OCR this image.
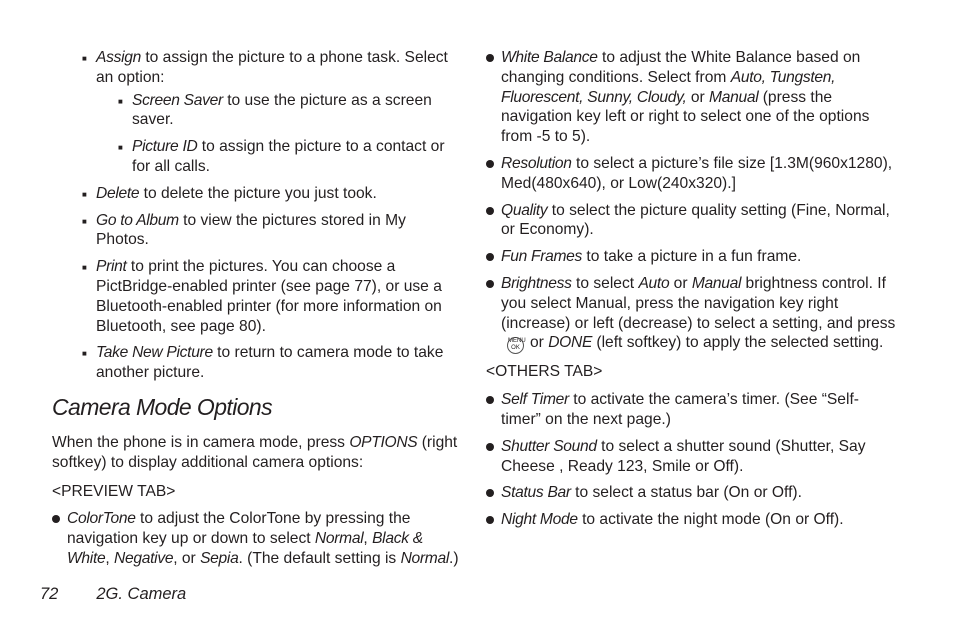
■ Assign to assign the picture to a phone task. Select an option:
■ Screen Saver to use the picture as a screen saver.
■ Picture ID to assign the picture to a contact or for all calls.
■ Delete to delete the picture you just took.
■ Go to Album to view the pictures stored in My Photos.
■ Print to print the pictures. You can choose a PictBridge-enabled printer (see page 77), or use a Bluetooth-enabled printer (for more information on Bluetooth, see page 80).
■ Take New Picture to return to camera mode to take another picture.
Camera Mode Options
When the phone is in camera mode, press OPTIONS (right softkey) to display additional camera options:
<PREVIEW TAB>
ColorTone to adjust the ColorTone by pressing the navigation key up or down to select Normal, Black & White, Negative, or Sepia. (The default setting is Normal.)
White Balance to adjust the White Balance based on changing conditions. Select from Auto, Tungsten, Fluorescent, Sunny, Cloudy, or Manual (press the navigation key left or right to select one of the options from -5 to 5).
Resolution to select a picture’s file size [1.3M(960x1280), Med(480x640), or Low(240x320).]
Quality to select the picture quality setting (Fine, Normal, or Economy).
Fun Frames to take a picture in a fun frame.
Brightness to select Auto or Manual brightness control. If you select Manual, press the navigation key right (increase) or left (decrease) to select a setting, and pressMENU OK or DONE (left softkey) to apply the selected setting.
<OTHERS TAB>
Self Timer to activate the camera’s timer. (See “Self-timer” on the next page.)
Shutter Sound to select a shutter sound (Shutter, Say Cheese , Ready 123, Smile or Off).
Status Bar to select a status bar (On or Off).
Night Mode to activate the night mode (On or Off).
72 2G. Camera
